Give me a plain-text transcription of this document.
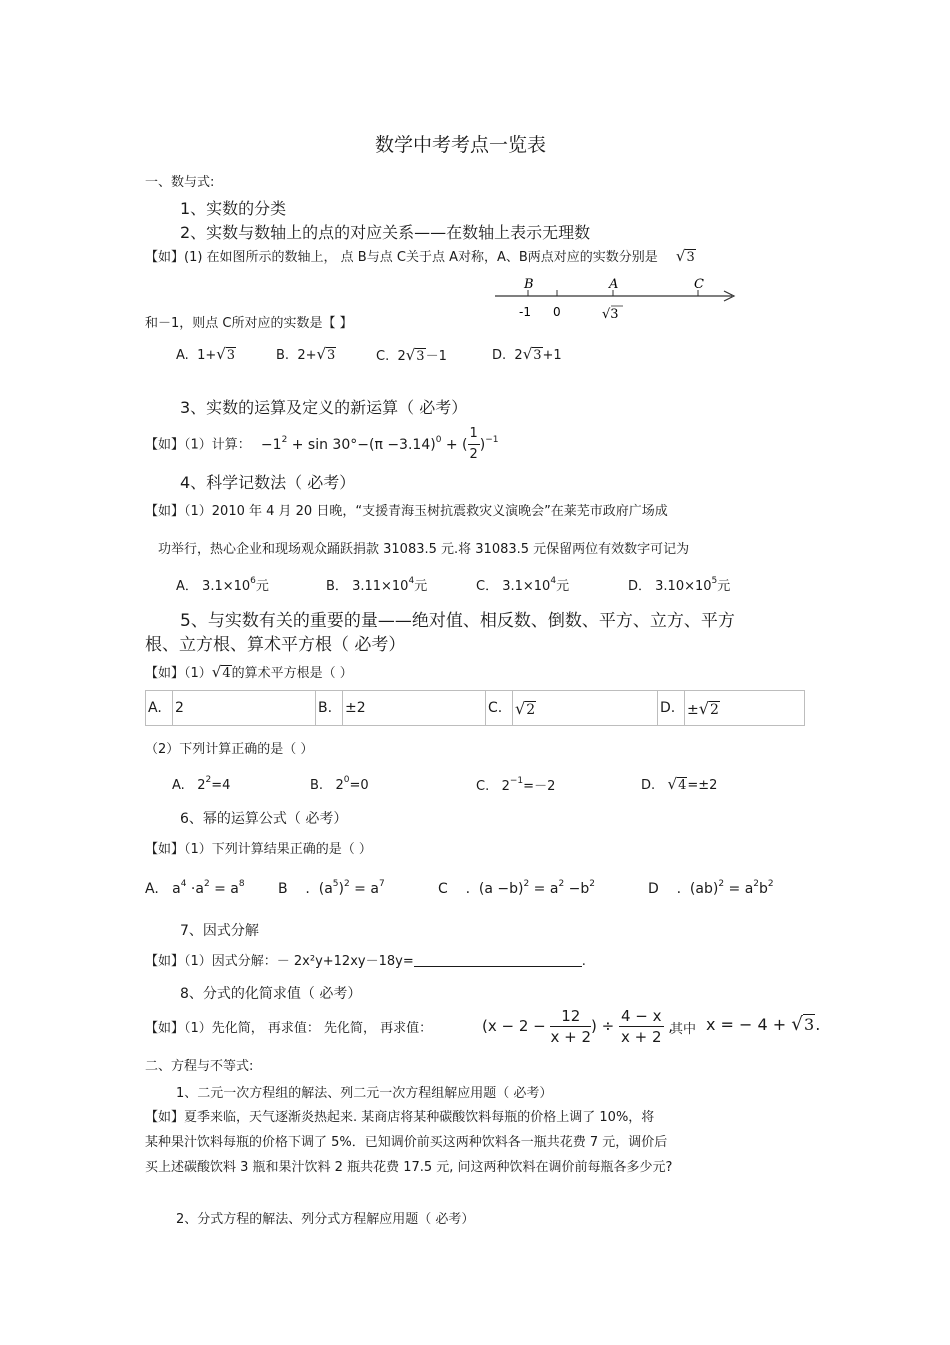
数学中考考点一览表
一、数与式:
1、实数的分类
2、实数与数轴上的点的对应关系——在数轴上表示无理数
【如】(1) 在如图所示的数轴上， 点 B与点 C关于点 A对称，A、B两点对应的实数分别是 √3
B	A	C
-1 0	√3
和－1，则点 C所对应的实数是【 】
A. 1+√3	B. 2+√3	C. 2√3－1	D. 2√3+1
3、实数的运算及定义的新运算（ 必考）
【如】（1）计算： $-1^2 + \sin 30^\circ-(\pi -3.14)^0$ + ( $\frac{1}{2} )^{-1}$
4、科学记数法（ 必考）
【如】（1）2010 年 4 月 20 日晚，“支援青海玉树抗震救灾义演晚会”在莱芜市政府广场成
功举行，热心企业和现场观众踊跃捐款 31083.5 元.将 31083.5 元保留两位有效数字可记为
A． $3.1\times 10^6$元	B． $3.11\times 10^4$元	C． $3.1\times 10^4$元	D． $3.10\times 10^5$元
5、与实数有关的重要的量——绝对值、相反数、倒数、平方、立方、平方
根、立方根、算术平方根（ 必考）
【如】（1）√4的算术平方根是（ ）
A.	2	B.	±2	C.	√2	D.	±√2
（2）下列计算正确的是（ ）
A.   $2^2=4$	B.   $2^0=0$	C.   $2^{-1}=-2$	D.   √4=±2
6、幂的运算公式（ 必考）
【如】（1）下列计算结果正确的是（ ）
A.   $a^4 \cdot a^2 = a^8$ B    .  $(a^5)^2 = a^7$	C    .  $(a -b)^2 = a^2 -b^2$	D    .  $(ab)^2 = a^2b^2$
7、因式分解
【如】（1）因式分解：－ 2x²y+12xy－18y=	.
8、分式的化简求值（ 必考）
【如】（1）先化简， 再求值： 先化简， 再求值：	($x - 2 - \frac{12}{x + 2}$ ) ÷ $\frac{4 - x}{x + 2}$ ,
其中 x = − 4 + √3.
二、方程与不等式:
1、二元一次方程组的解法、列二元一次方程组解应用题（ 必考）
【如】夏季来临，天气逐渐炎热起来. 某商店将某种碳酸饮料每瓶的价格上调了 10%，将
某种果汁饮料每瓶的价格下调了 5%．已知调价前买这两种饮料各一瓶共花费 7 元，调价后
买上述碳酸饮料 3 瓶和果汁饮料 2 瓶共花费 17.5 元, 问这两种饮料在调价前每瓶各多少元?
2、分式方程的解法、列分式方程解应用题（ 必考）
